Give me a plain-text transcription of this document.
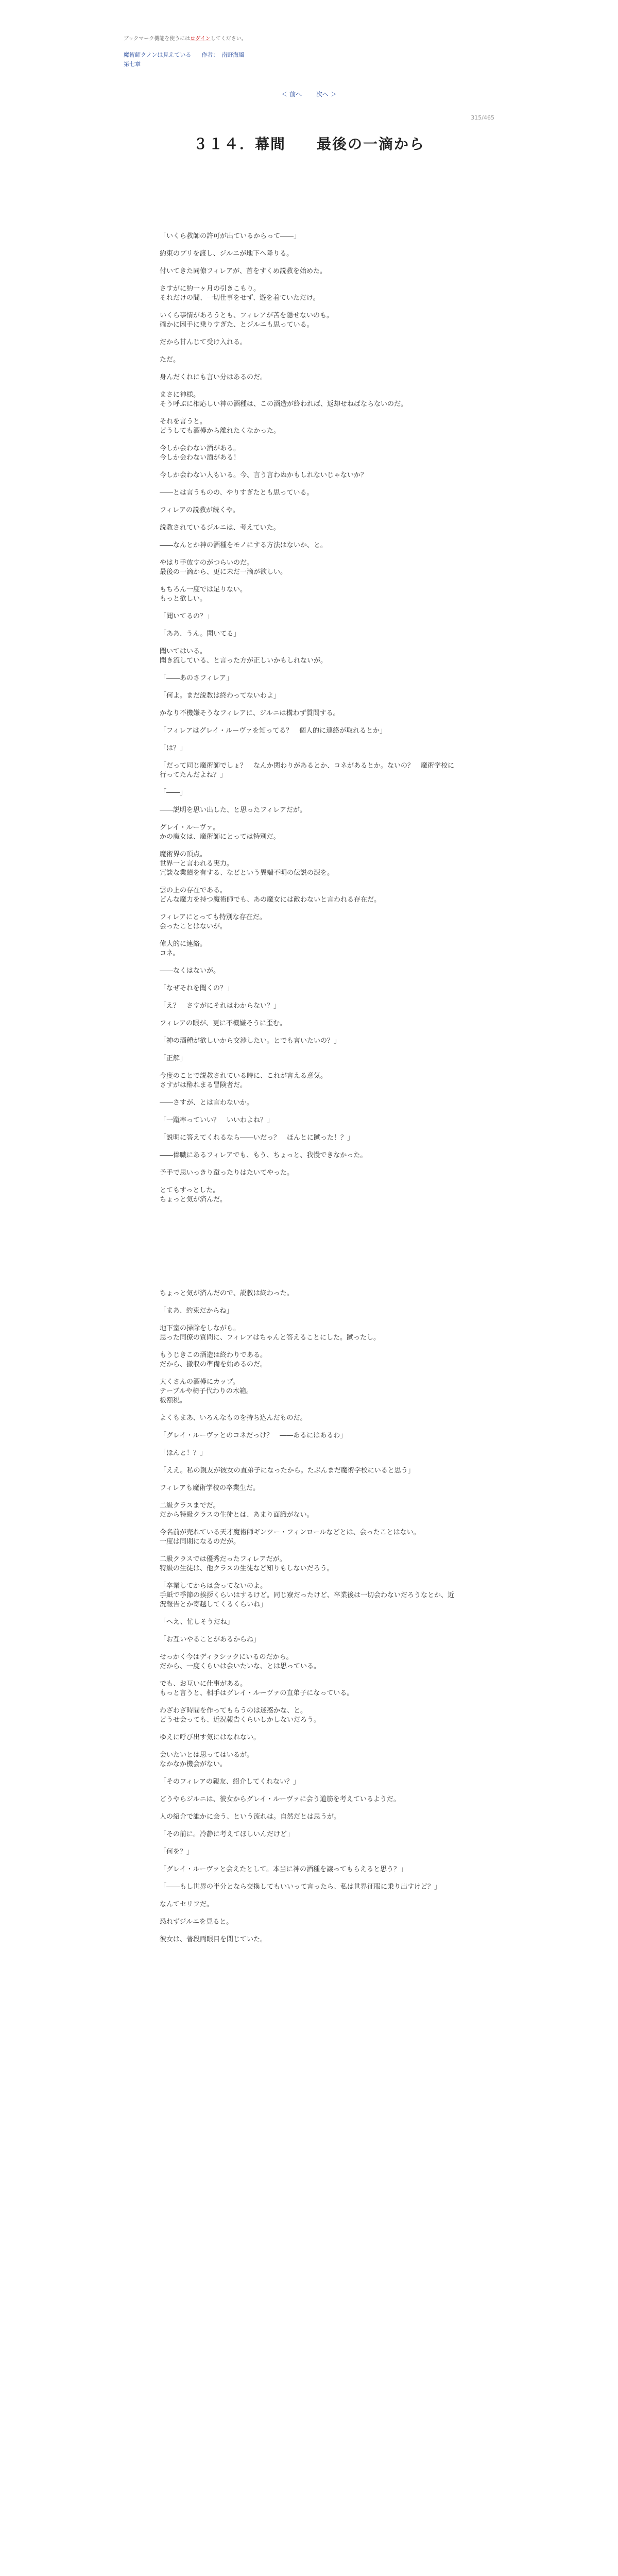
ブックマーク機能を使うにはログインしてください。
魔術師クノンは見えている 作者： 南野海風
第七章
＜ 前へ 次へ ＞
315/465
３１４．幕間　　最後の一滴から

「いくら教師の許可が出ているからって――」

約束のプリを渡し、ジルニが地下へ降りる。

付いてきた同僚フィレアが、首をすくめ説教を始めた。

さすがに約一ヶ月の引きこもり。
それだけの間、一切仕事をせず、遊を着ていただけ。

いくら事情があろうとも、フィレアが苦を隠せないのも。
確かに困手に乗りすぎた、とジルニも思っている。

だから甘んじて受け入れる。

ただ。

身んだくれにも言い分はあるのだ。

まさに神様。
そう呼ぶに相応しい神の酒種は、この酒造が終われば、返却せねばならないのだ。

それを言うと。
どうしても酒樽から離れたくなかった。

今しか会わない酒がある。
今しか会わない酒がある！

今しか会わない人もいる。今、言う言わぬかもしれないじゃないか？

――とは言うものの、やりすぎたとも思っている。

フィレアの説教が続くや。

説教されているジルニは、考えていた。

――なんとか神の酒種をモノにする方法はないか、と。

やはり手放すのがつらいのだ。
最後の一滴から、更に未だ一滴が欲しい。

もちろん一度では足りない。
もっと欲しい。

「聞いてるの？」

「ああ、うん。聞いてる」

聞いてはいる。
聞き流している、と言った方が正しいかもしれないが。

「――あのさフィレア」

「何よ。まだ説教は終わってないわよ」

かなり不機嫌そうなフィレアに、ジルニは構わず質問する。

「フィレアはグレイ・ルーヴァを知ってる？　個人的に連絡が取れるとか」

「は？」

「だって同じ魔術師でしょ？　なんか関わりがあるとか、コネがあるとか。ないの？　魔術学校に行ってたんだよね？」

「――」

――説明を思い出した、と思ったフィレアだが。

グレイ・ルーヴァ。
かの魔女は、魔術師にとっては特別だ。

魔術界の頂点。
世界一と言われる実力。
冗談な業績を有する、などという異端不明の伝説の源を。

雲の上の存在である。
どんな魔力を持つ魔術師でも、あの魔女には敵わないと言われる存在だ。

フィレアにとっても特別な存在だ。
会ったことはないが。

偉大的に連絡。
コネ。

――なくはないが。

「なぜそれを聞くの？」

「え？　さすがにそれはわからない？」

フィレアの眼が、更に不機嫌そうに歪む。

「神の酒種が欲しいから交渉したい。とでも言いたいの？」

「正解」

今度のことで説教されている時に、これが言える意気。
さすがは酔れまる冒険者だ。

――さすが、とは言わないか。

「一蹴率っていい？　いいわよね？」

「説明に答えてくれるなら――いだっ？　ほんとに蹴った！？」

――俸職にあるフィレアでも、もう、ちょっと、我慢できなかった。

予手で思いっきり蹴ったりはたいてやった。

とてもすっとした。
ちょっと気が済んだ。

ちょっと気が済んだので、説教は終わった。

「まあ、約束だからね」

地下室の掃除をしながら。
思った同僚の質問に、フィレアはちゃんと答えることにした。蹴ったし。

もうじきこの酒造は終わりである。
だから、撤収の準備を始めるのだ。

大くさんの酒樽にカップ。
テーブルや椅子代わりの木箱。
板額税。

よくもまあ、いろんなものを持ち込んだものだ。

「グレイ・ルーヴァとのコネだっけ？　――あるにはあるわ」

「ほんと！？」

「ええ。私の親友が彼女の直弟子になったから。たぶんまだ魔術学校にいると思う」

フィレアも魔術学校の卒業生だ。

二級クラスまでだ。
だから特級クラスの生徒とは、あまり面識がない。

今名前が売れている天才魔術師ギンツー・フィンロールなどとは、会ったことはない。
一度は同期になるのだが。

二級クラスでは優秀だったフィレアだが。
特級の生徒は、他クラスの生徒など知りもしないだろう。

「卒業してからは会ってないのよ。
手紙で季節の挨拶くらいはするけど。同じ寮だったけど、卒業後は一切会わないだろうなとか、近況報告とか寄越してくるくらいね」

「へえ、忙しそうだね」

「お互いやることがあるからね」

せっかく今はディラシックにいるのだから。
だから、一度くらいは会いたいな、とは思っている。

でも、お互いに仕事がある。
もっと言うと、相手はグレイ・ルーヴァの直弟子になっている。

わざわざ時間を作ってもらうのは迷惑かな、と。
どうせ会っても、近況報告くらいしかしないだろう。

ゆえに呼び出す気にはなれない。

会いたいとは思ってはいるが。
なかなか機会がない。

「そのフィレアの親友、紹介してくれない？」

どうやらジルニは、彼女からグレイ・ルーヴァに会う道筋を考えているようだ。

人の紹介で誰かに会う、という流れは。自然だとは思うが。

「その前に。冷静に考えてほしいんだけど」

「何を？」

「グレイ・ルーヴァと会えたとして。本当に神の酒種を譲ってもらえると思う？」

「――もし世界の半分となら交換してもいいって言ったら、私は世界征服に乗り出すけど？」

なんてセリフだ。

恐れずジルニを見ると。

彼女は、普段両眼目を閉じていた。
